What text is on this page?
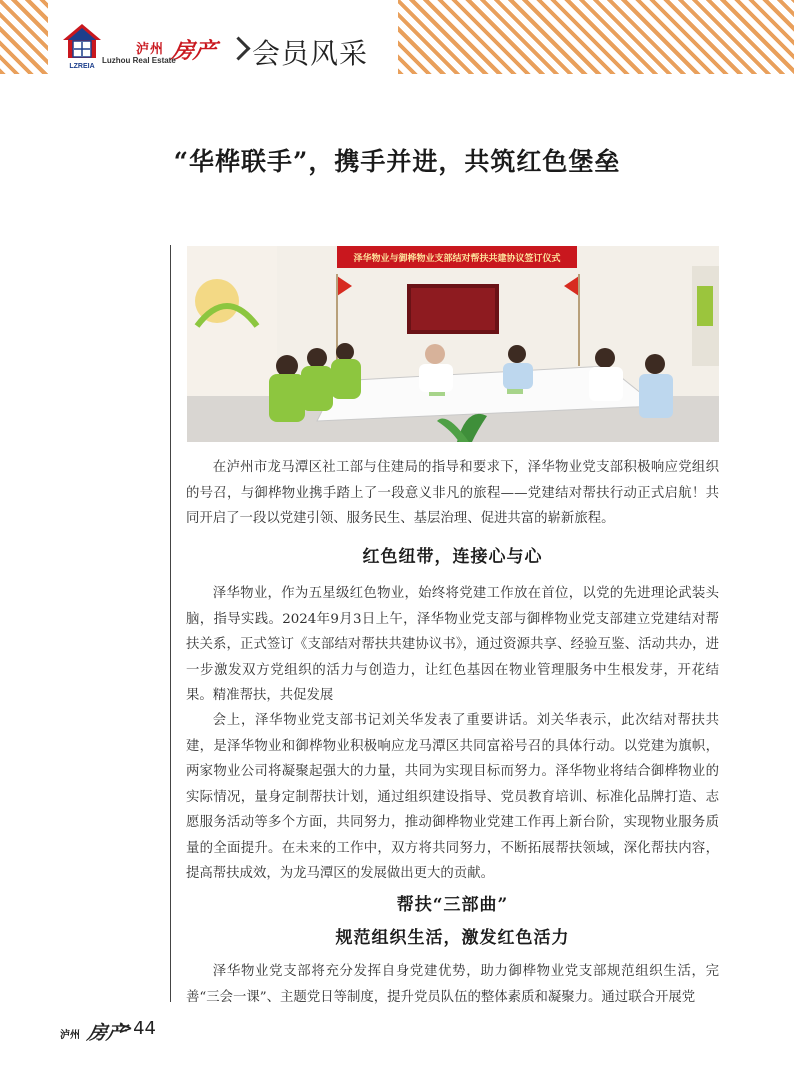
LZREIA
泸州 房产
Luzhou Real Estate	会员风采
“华桦联手”，携手并进，共筑红色堡垒
泽华物业与御桦物业支部结对帮扶共建协议签订仪式

在泸州市龙马潭区社工部与住建局的指导和要求下，泽华物业党支部积极响应党组织的号召，与御桦物业携手踏上了一段意义非凡的旅程——党建结对帮扶行动正式启航！共同开启了一段以党建引领、服务民生、基层治理、促进共富的崭新旅程。

红色纽带，连接心与心

泽华物业，作为五星级红色物业，始终将党建工作放在首位，以党的先进理论武装头脑，指导实践。2024年9月3日上午，泽华物业党支部与御桦物业党支部建立党建结对帮扶关系，正式签订《支部结对帮扶共建协议书》，通过资源共享、经验互鉴、活动共办，进一步激发双方党组织的活力与创造力，让红色基因在物业管理服务中生根发芽，开花结果。 精准帮扶，共促发展

会上，泽华物业党支部书记刘关华发表了重要讲话。刘关华表示，此次结对帮扶共建，是泽华物业和御桦物业积极响应龙马潭区共同富裕号召的具体行动。以党建为旗帜，两家物业公司将凝聚起强大的力量，共同为实现目标而努力。泽华物业将结合御桦物业的实际情况，量身定制帮扶计划，通过组织建设指导、党员教育培训、标准化品牌打造、志愿服务活动等多个方面，共同努力，推动御桦物业党建工作再上新台阶，实现物业服务质量的全面提升。在未来的工作中，双方将共同努力，不断拓展帮扶领域，深化帮扶内容，提高帮扶成效，为龙马潭区的发展做出更大的贡献。

帮扶“三部曲”
规范组织生活，激发红色活力

泽华物业党支部将充分发挥自身党建优势，助力御桦物业党支部规范组织生活，完善“三会一课”、主题党日等制度，提升党员队伍的整体素质和凝聚力。通过联合开展党

泸州 房产
>44
